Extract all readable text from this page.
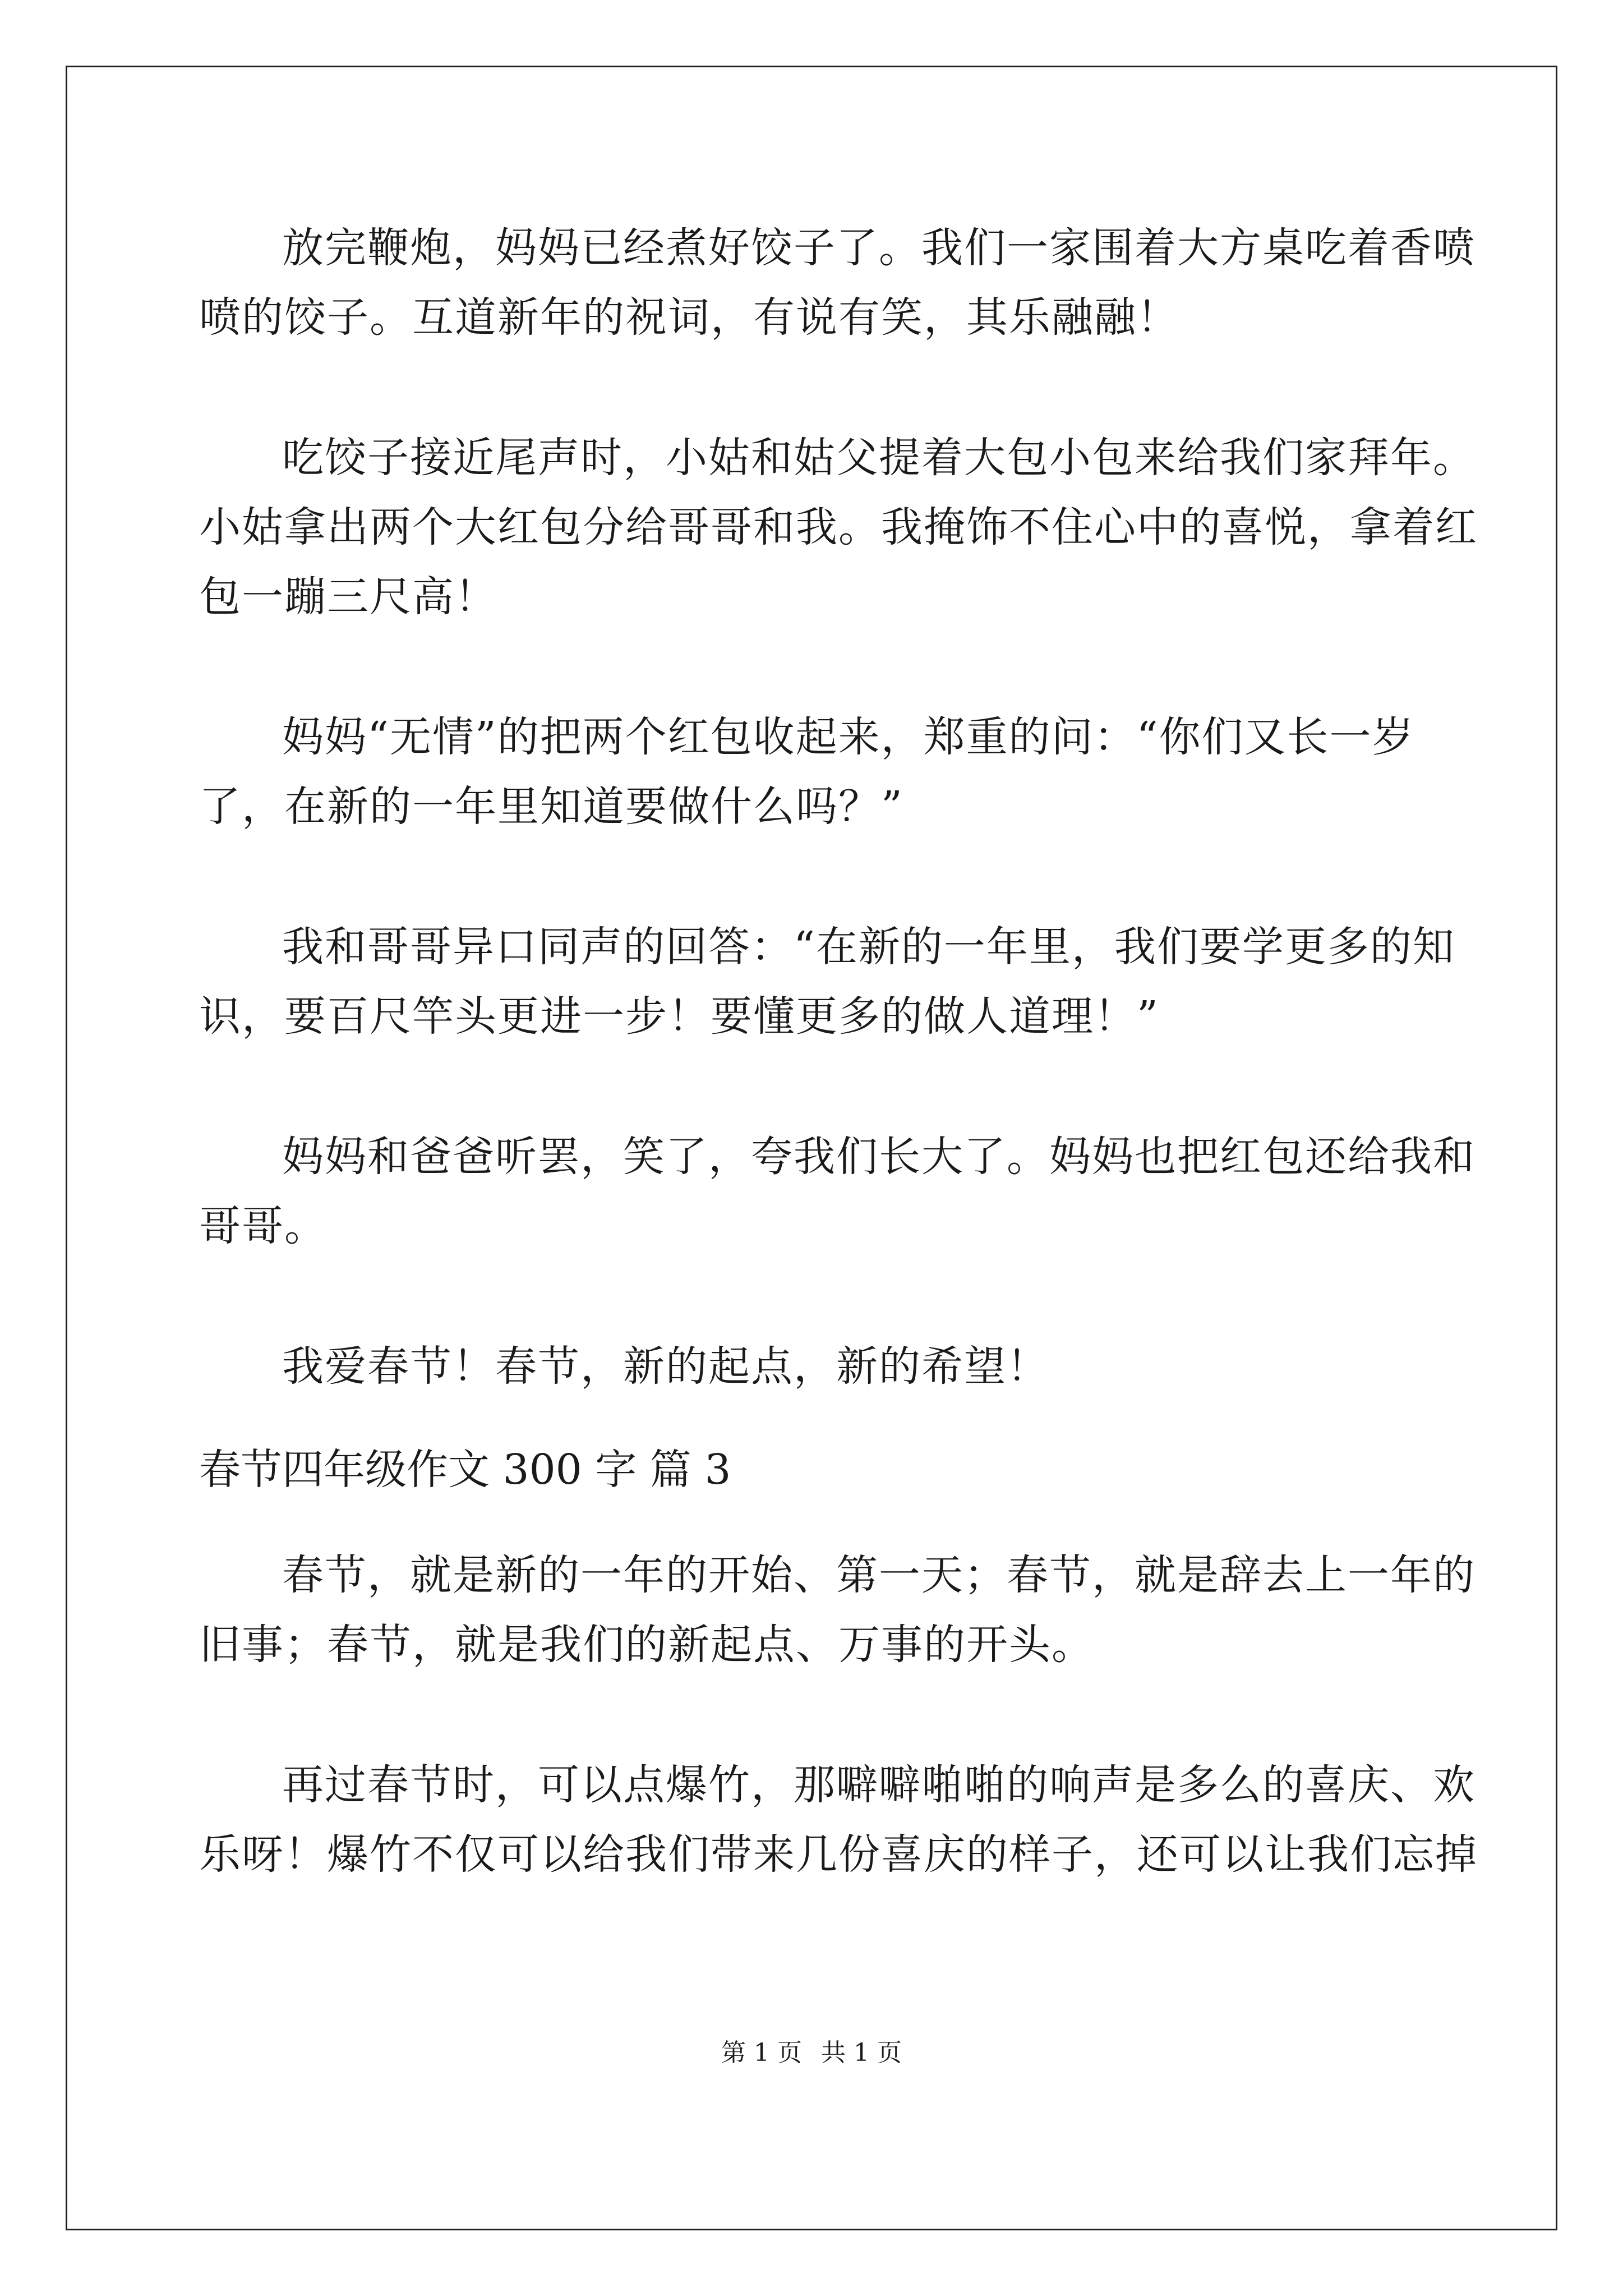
放完鞭炮，妈妈已经煮好饺子了。我们一家围着大方桌吃着香喷
喷的饺子。互道新年的祝词，有说有笑，其乐融融！
吃饺子接近尾声时，小姑和姑父提着大包小包来给我们家拜年。
小姑拿出两个大红包分给哥哥和我。我掩饰不住心中的喜悦，拿着红
包一蹦三尺高！
妈妈“无情”的把两个红包收起来，郑重的问：“你们又长一岁
了，在新的一年里知道要做什么吗？”
我和哥哥异口同声的回答：“在新的一年里，我们要学更多的知
识，要百尺竿头更进一步！要懂更多的做人道理！”
妈妈和爸爸听罢，笑了，夸我们长大了。妈妈也把红包还给我和
哥哥。
我爱春节！春节，新的起点，新的希望！
春节四年级作文 300 字 篇 3
春节，就是新的一年的开始、第一天；春节，就是辞去上一年的
旧事；春节，就是我们的新起点、万事的开头。
再过春节时，可以点爆竹，那噼噼啪啪的响声是多么的喜庆、欢
乐呀！爆竹不仅可以给我们带来几份喜庆的样子，还可以让我们忘掉
第 1 页 共 1 页
